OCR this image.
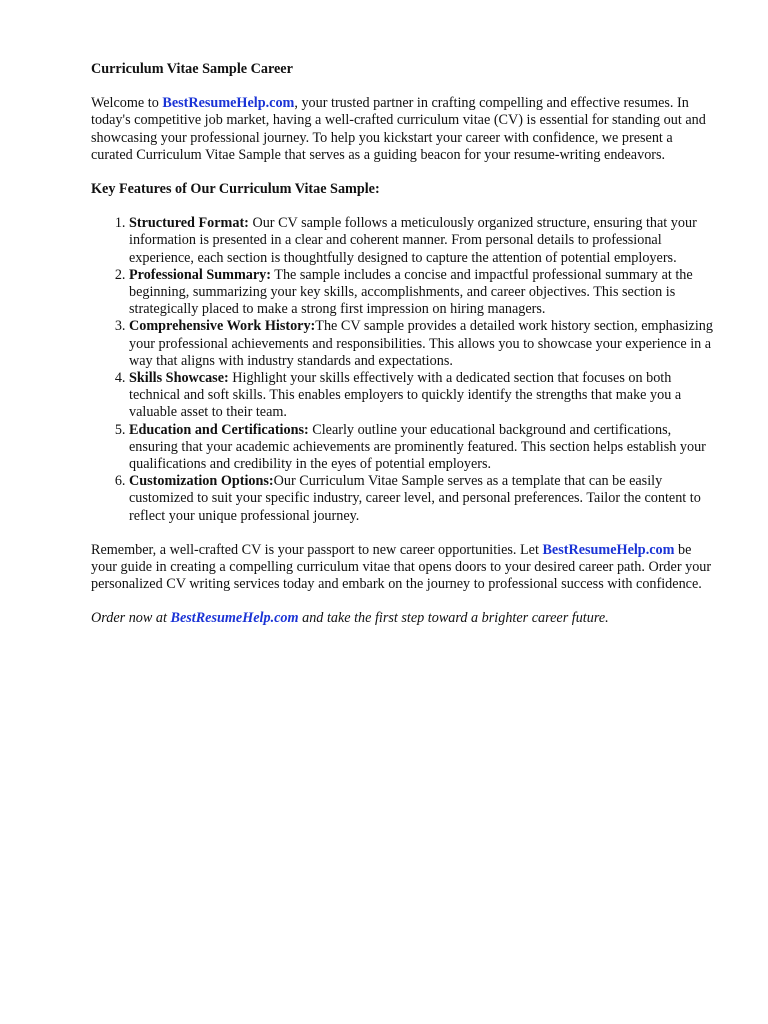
Curriculum Vitae Sample Career

Welcome to BestResumeHelp.com, your trusted partner in crafting compelling and effective resumes. In today's competitive job market, having a well-crafted curriculum vitae (CV) is essential for standing out and showcasing your professional journey. To help you kickstart your career with confidence, we present a curated Curriculum Vitae Sample that serves as a guiding beacon for your resume-writing endeavors.

Key Features of Our Curriculum Vitae Sample:

1. Structured Format: Our CV sample follows a meticulously organized structure, ensuring that your information is presented in a clear and coherent manner. From personal details to professional experience, each section is thoughtfully designed to capture the attention of potential employers.
2. Professional Summary: The sample includes a concise and impactful professional summary at the beginning, summarizing your key skills, accomplishments, and career objectives. This section is strategically placed to make a strong first impression on hiring managers.
3. Comprehensive Work History:The CV sample provides a detailed work history section, emphasizing your professional achievements and responsibilities. This allows you to showcase your experience in a way that aligns with industry standards and expectations.
4. Skills Showcase: Highlight your skills effectively with a dedicated section that focuses on both technical and soft skills. This enables employers to quickly identify the strengths that make you a valuable asset to their team.
5. Education and Certifications: Clearly outline your educational background and certifications, ensuring that your academic achievements are prominently featured. This section helps establish your qualifications and credibility in the eyes of potential employers.
6. Customization Options:Our Curriculum Vitae Sample serves as a template that can be easily customized to suit your specific industry, career level, and personal preferences. Tailor the content to reflect your unique professional journey.

Remember, a well-crafted CV is your passport to new career opportunities. Let BestResumeHelp.com be your guide in creating a compelling curriculum vitae that opens doors to your desired career path. Order your personalized CV writing services today and embark on the journey to professional success with confidence.

Order now at BestResumeHelp.com and take the first step toward a brighter career future.
